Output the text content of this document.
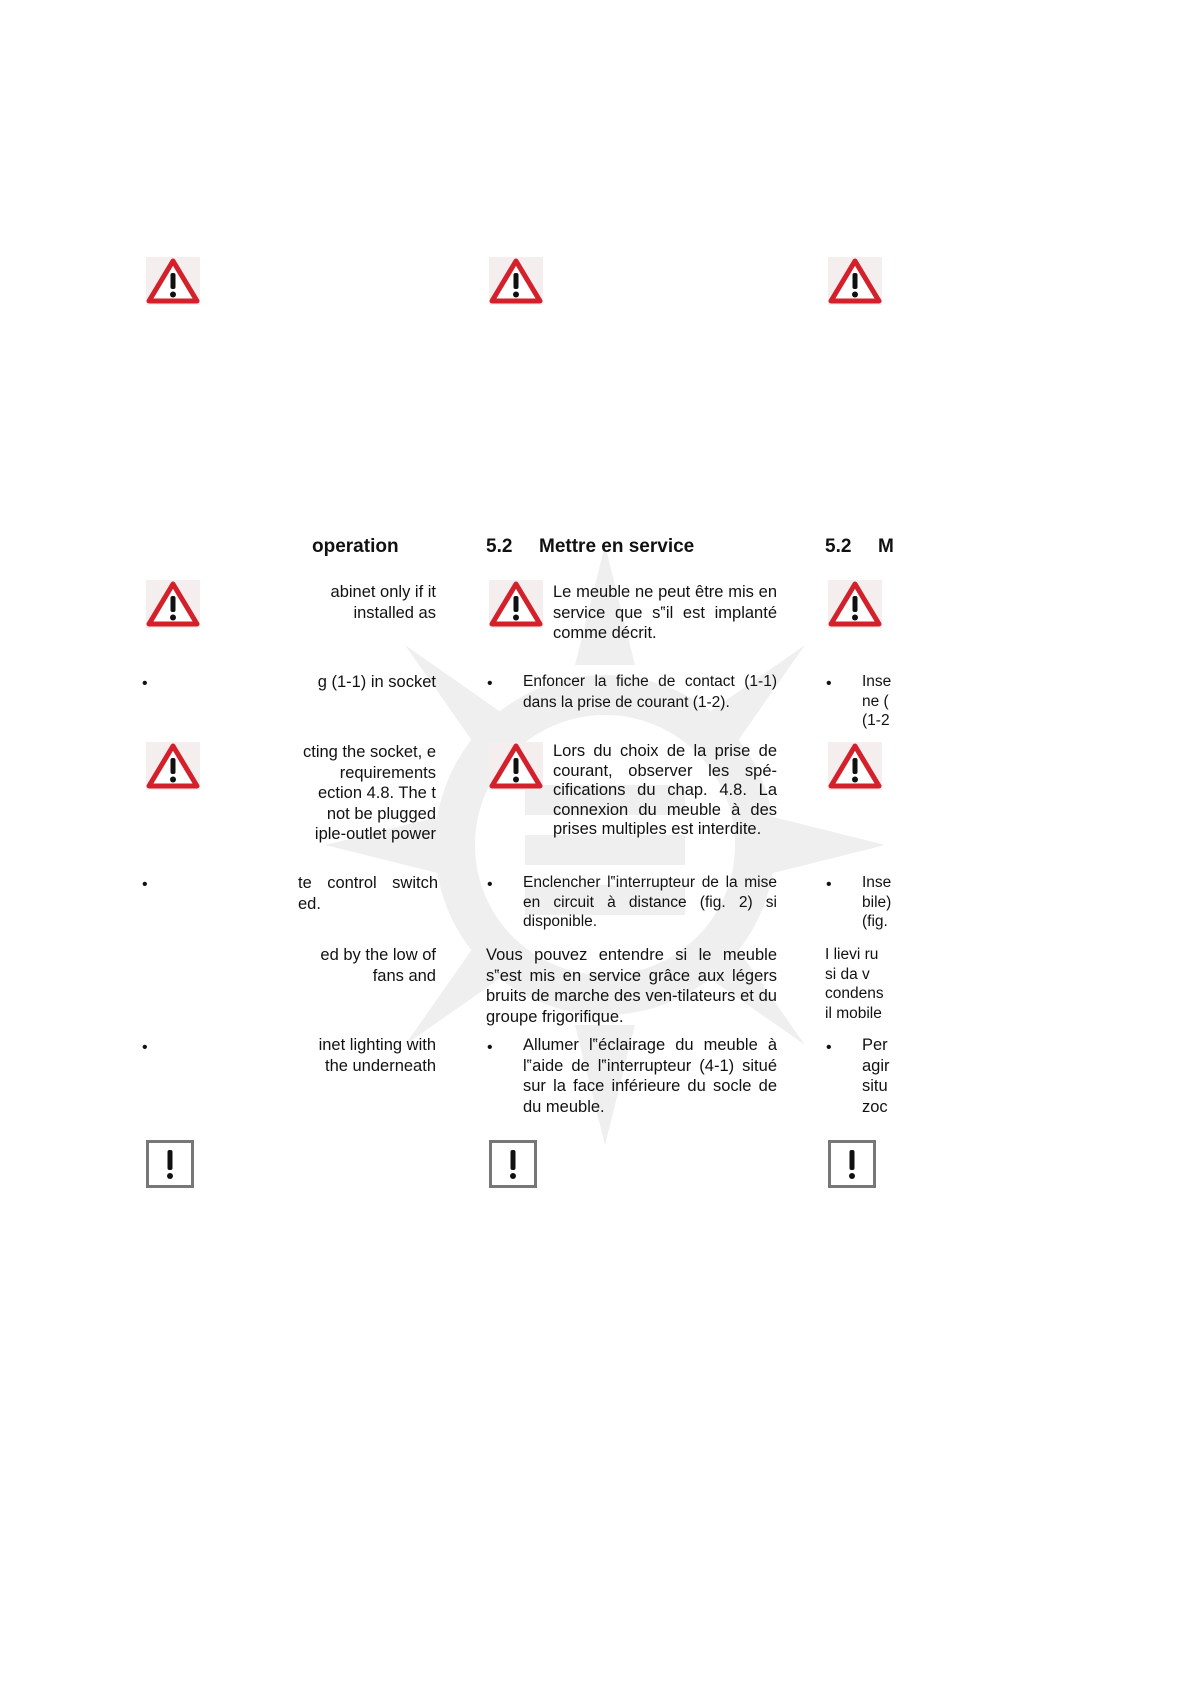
operation
abinet only if it installed as
•	g (1-1) in socket
cting the socket, e requirements ection 4.8. The t not be plugged iple-outlet power
•	te control switch ed.
ed by the low of fans and
•	inet lighting with the underneath
5.2 Mettre en service
Le meuble ne peut être mis en service que s‟il est implanté comme décrit.
• Enfoncer la fiche de contact (1-1) dans la prise de courant (1-2).
Lors du choix de la prise de courant, observer les spé-cifications du chap. 4.8. La connexion du meuble à des prises multiples est interdite.
• Enclencher l‟interrupteur de la mise en circuit à distance (fig. 2) si disponible.
Vous pouvez entendre si le meuble s‟est mis en service grâce aux légers bruits de marche des ven-tilateurs et du groupe frigorifique.
• Allumer l‟éclairage du meuble à l‟aide de l‟interrupteur (4-1) situé sur la face inférieure du socle de du meuble.
5.2 M
• Inse
ne (
(1-2
• Inse
bile)
(fig.
I lievi ru
si da v
condens
il mobile
• Per
agir
situ
zoc
